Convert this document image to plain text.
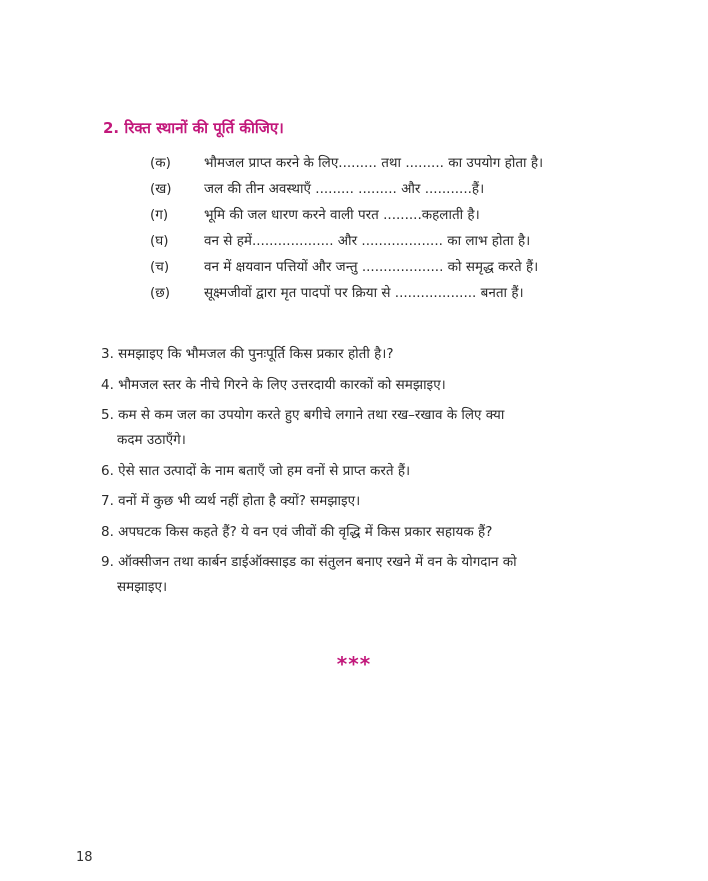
2. रिक्त स्थानों की पूर्ति कीजिए।
(क) भौमजल प्राप्त करने के लिए......... तथा ......... का उपयोग होता है।
(ख) जल की तीन अवस्थाएँ ......... ......... और ...........हैं।
(ग)	भूमि की जल धारण करने वाली परत .........कहलाती है।
(घ)	वन से हमें................... और ................... का लाभ होता है।
(च)	वन में क्षयवान पत्तियों और जन्तु ................... को समृद्ध करते हैं।
(छ)	सूक्ष्मजीवों द्वारा मृत पादपों पर क्रिया से ................... बनता हैं।
3. समझाइए कि भौमजल की पुनःपूर्ति किस प्रकार होती है।?
4. भौमजल स्तर के नीचे गिरने के लिए उत्तरदायी कारकों को समझाइए।
5. कम से कम जल का उपयोग करते हुए बगीचे लगाने तथा रख–रखाव के लिए क्या
कदम उठाएँगे।
6. ऐसे सात उत्पादों के नाम बताएँ जो हम वनों से प्राप्त करते हैं।
7. वनों में कुछ भी व्यर्थ नहीं होता है क्यों? समझाइए।
8. अपघटक किस कहते हैं? ये वन एवं जीवों की वृद्धि में किस प्रकार सहायक हैं?
9. ऑक्सीजन तथा कार्बन डाईऑक्साइड का संतुलन बनाए रखने में वन के योगदान को
समझाइए।
***
18
